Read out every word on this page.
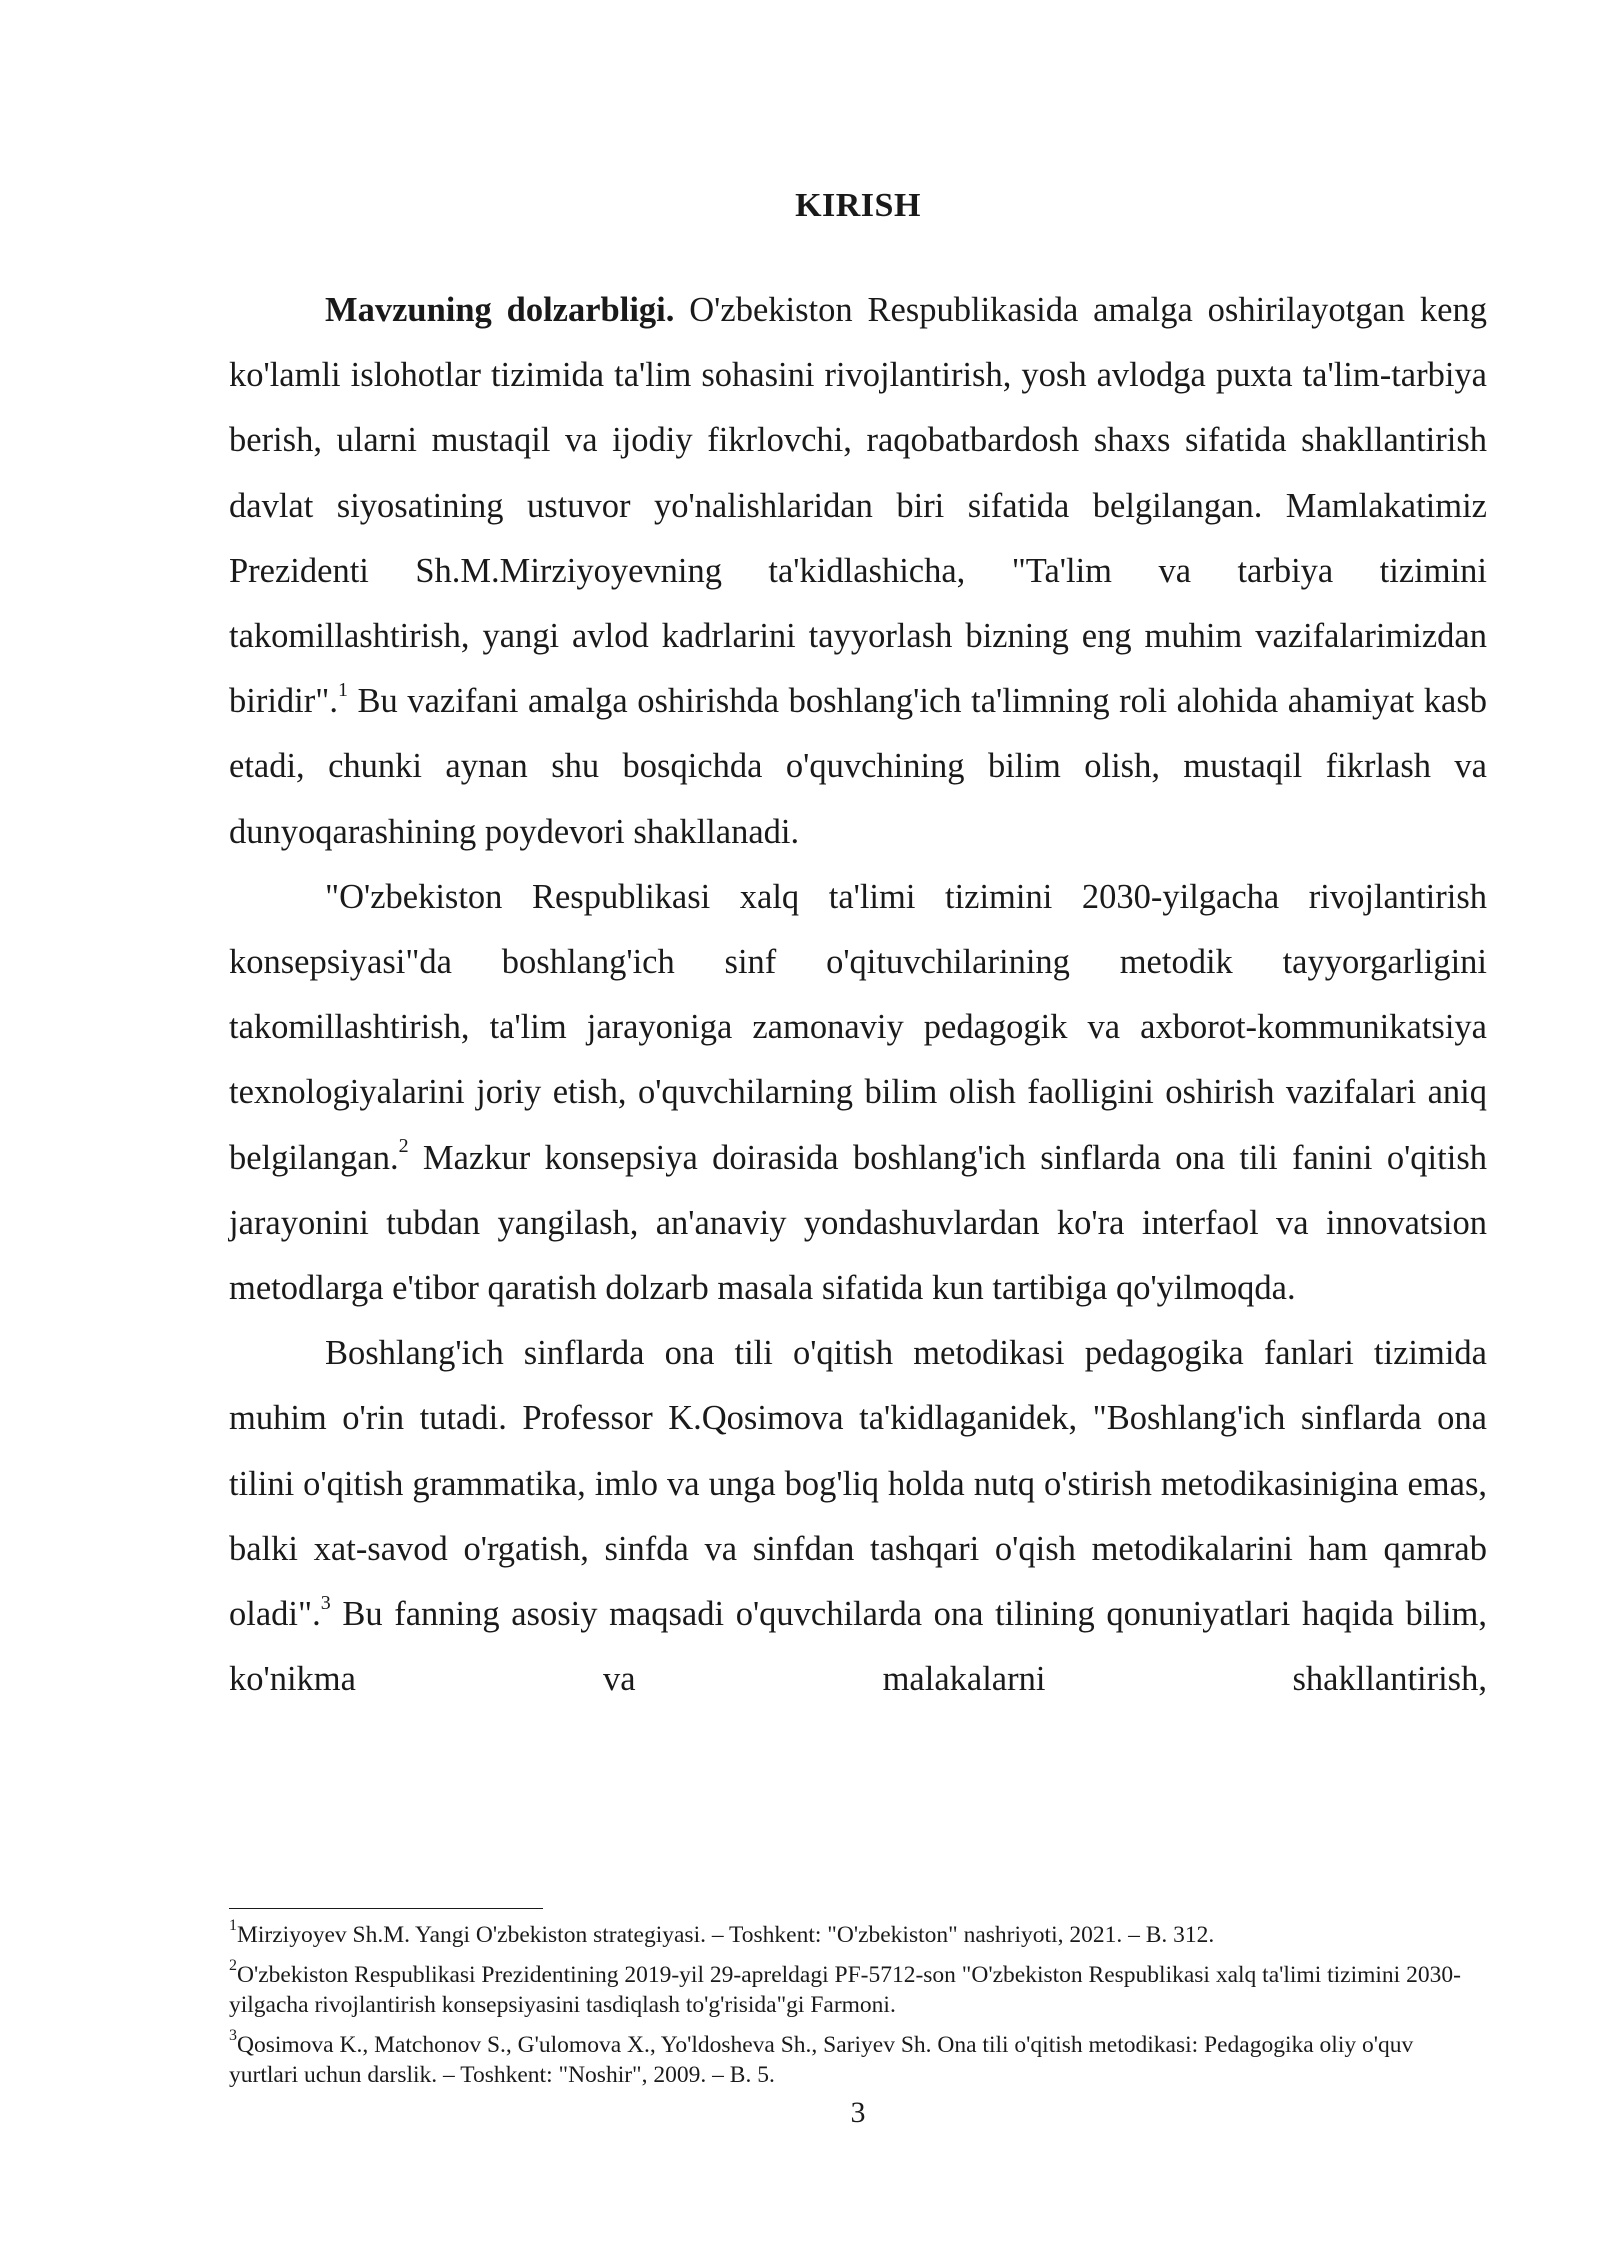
KIRISH

Mavzuning dolzarbligi. O'zbekiston Respublikasida amalga oshirilayotgan keng ko'lamli islohotlar tizimida ta'lim sohasini rivojlantirish, yosh avlodga puxta ta'lim-tarbiya berish, ularni mustaqil va ijodiy fikrlovchi, raqobatbardosh shaxs sifatida shakllantirish davlat siyosatining ustuvor yo'nalishlaridan biri sifatida belgilangan. Mamlakatimiz Prezidenti Sh.M.Mirziyoyevning ta'kidlashicha, "Ta'lim va tarbiya tizimini takomillashtirish, yangi avlod kadrlarini tayyorlash bizning eng muhim vazifalarimizdan biridir".$^1$ Bu vazifani amalga oshirishda boshlang'ich ta'limning roli alohida ahamiyat kasb etadi, chunki aynan shu bosqichda o'quvchining bilim olish, mustaqil fikrlash va dunyoqarashining poydevori shakllanadi.

"O'zbekiston Respublikasi xalq ta'limi tizimini 2030-yilgacha rivojlantirish konsepsiyasi"da boshlang'ich sinf o'qituvchilarining metodik tayyorgarligini takomillashtirish, ta'lim jarayoniga zamonaviy pedagogik va axborot-kommunikatsiya texnologiyalarini joriy etish, o'quvchilarning bilim olish faolligini oshirish vazifalari aniq belgilangan.$^2$ Mazkur konsepsiya doirasida boshlang'ich sinflarda ona tili fanini o'qitish jarayonini tubdan yangilash, an'anaviy yondashuvlardan ko'ra interfaol va innovatsion metodlarga e'tibor qaratish dolzarb masala sifatida kun tartibiga qo'yilmoqda.

Boshlang'ich sinflarda ona tili o'qitish metodikasi pedagogika fanlari tizimida muhim o'rin tutadi. Professor K.Qosimova ta'kidlaganidek, "Boshlang'ich sinflarda ona tilini o'qitish grammatika, imlo va unga bog'liq holda nutq o'stirish metodikasinigina emas, balki xat-savod o'rgatish, sinfda va sinfdan tashqari o'qish metodikalarini ham qamrab oladi".$^3$ Bu fanning asosiy maqsadi o'quvchilarda ona tilining qonuniyatlari haqida bilim, ko'nikma va malakalarni shakllantirish,

$^1$Mirziyoyev Sh.M. Yangi O'zbekiston strategiyasi. – Toshkent: "O'zbekiston" nashriyoti, 2021. – B. 312.

$^2$O'zbekiston Respublikasi Prezidentining 2019-yil 29-apreldagi PF-5712-son "O'zbekiston Respublikasi xalq ta'limi tizimini 2030-yilgacha rivojlantirish konsepsiyasini tasdiqlash to'g'risida"gi Farmoni.

$^3$Qosimova K., Matchonov S., G'ulomova X., Yo'ldosheva Sh., Sariyev Sh. Ona tili o'qitish metodikasi: Pedagogika oliy o'quv yurtlari uchun darslik. – Toshkent: "Noshir", 2009. – B. 5.

3
